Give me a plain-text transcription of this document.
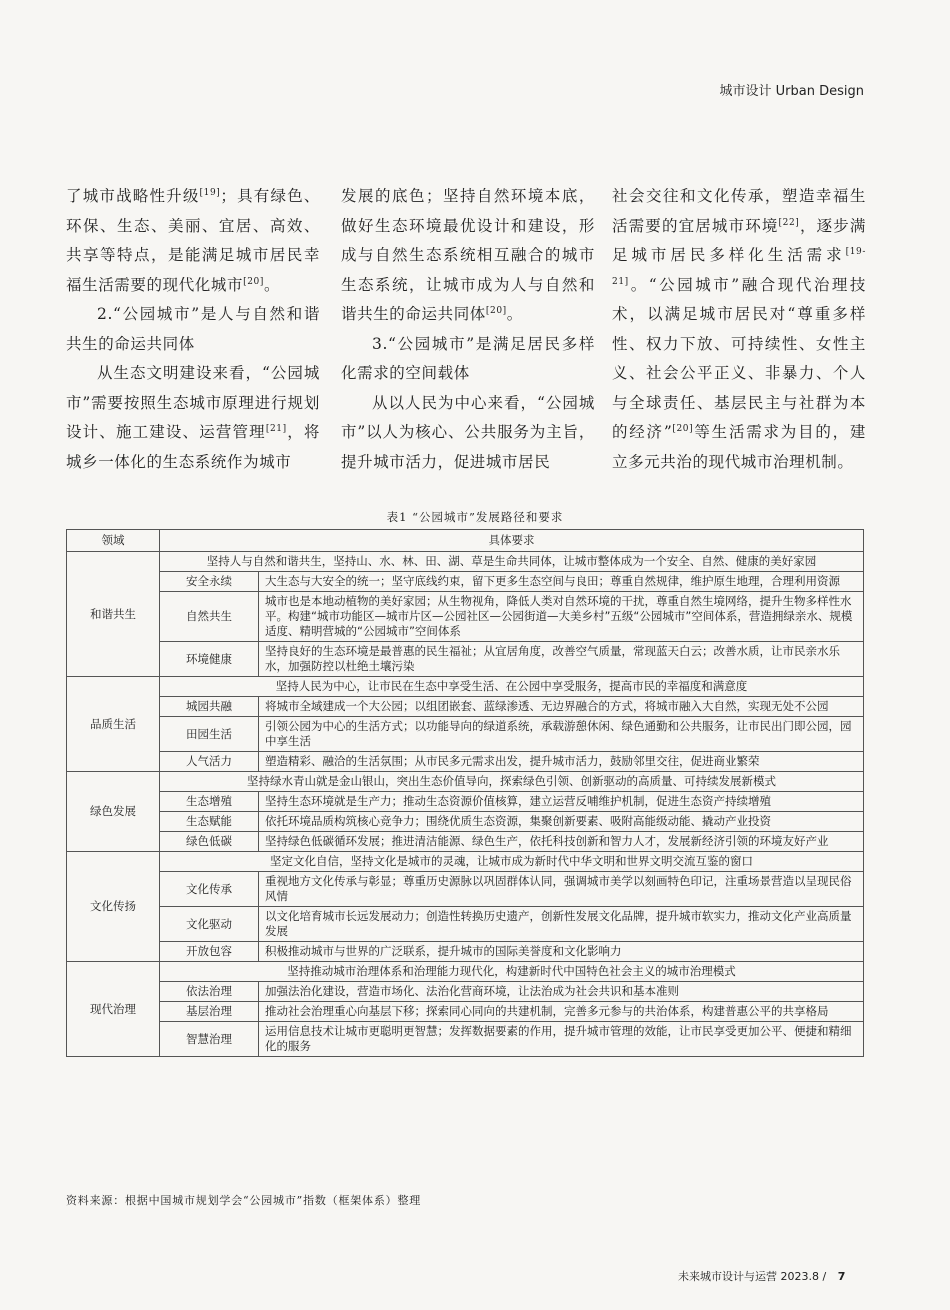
城市设计 Urban Design

了城市战略性升级[19]；具有绿色、环保、生态、美丽、宜居、高效、共享等特点，是能满足城市居民幸福生活需要的现代化城市[20]。

2.“公园城市”是人与自然和谐共生的命运共同体

从生态文明建设来看，“公园城市”需要按照生态城市原理进行规划设计、施工建设、运营管理[21]，将城乡一体化的生态系统作为城市

发展的底色；坚持自然环境本底，做好生态环境最优设计和建设，形成与自然生态系统相互融合的城市生态系统，让城市成为人与自然和谐共生的命运共同体[20]。

3.“公园城市”是满足居民多样化需求的空间载体

从以人民为中心来看，“公园城市”以人为核心、公共服务为主旨，提升城市活力，促进城市居民

社会交往和文化传承，塑造幸福生活需要的宜居城市环境[22]，逐步满足城市居民多样化生活需求[19-21]。“公园城市”融合现代治理技术，以满足城市居民对“尊重多样性、权力下放、可持续性、女性主义、社会公平正义、非暴力、个人与全球责任、基层民主与社群为本的经济”[20]等生活需求为目的，建立多元共治的现代城市治理机制。

表1 “公园城市”发展路径和要求
领域	具体要求	
和谐共生	坚持人与自然和谐共生，坚持山、水、林、田、湖、草是生命共同体，让城市整体成为一个安全、自然、健康的美好家园	
	安全永续	大生态与大安全的统一；坚守底线约束，留下更多生态空间与良田；尊重自然规律，维护原生地理，合理利用资源
	自然共生	城市也是本地动植物的美好家园；从生物视角，降低人类对自然环境的干扰，尊重自然生境网络，提升生物多样性水平。构建“城市功能区—城市片区—公园社区—公园街道—大美乡村”五级“公园城市”空间体系，营造拥绿亲水、规模适度、精明营城的“公园城市”空间体系
	环境健康	坚持良好的生态环境是最普惠的民生福祉；从宜居角度，改善空气质量，常现蓝天白云；改善水质，让市民亲水乐水，加强防控以杜绝土壤污染
品质生活	坚持人民为中心，让市民在生态中享受生活、在公园中享受服务，提高市民的幸福度和满意度	
	城园共融	将城市全域建成一个大公园；以组团嵌套、蓝绿渗透、无边界融合的方式，将城市融入大自然，实现无处不公园
	田园生活	引领公园为中心的生活方式；以功能导向的绿道系统，承载游憩休闲、绿色通勤和公共服务，让市民出门即公园，园中享生活
	人气活力	塑造精彩、融洽的生活氛围；从市民多元需求出发，提升城市活力，鼓励邻里交往，促进商业繁荣
绿色发展	坚持绿水青山就是金山银山，突出生态价值导向，探索绿色引领、创新驱动的高质量、可持续发展新模式	
	生态增殖	坚持生态环境就是生产力；推动生态资源价值核算，建立运营反哺维护机制，促进生态资产持续增殖
	生态赋能	依托环境品质构筑核心竞争力；围绕优质生态资源，集聚创新要素、吸附高能级动能、撬动产业投资
	绿色低碳	坚持绿色低碳循环发展；推进清洁能源、绿色生产，依托科技创新和智力人才，发展新经济引领的环境友好产业
文化传扬	坚定文化自信，坚持文化是城市的灵魂，让城市成为新时代中华文明和世界文明交流互鉴的窗口	
	文化传承	重视地方文化传承与彰显；尊重历史源脉以巩固群体认同，强调城市美学以刻画特色印记，注重场景营造以呈现民俗风情
	文化驱动	以文化培育城市长远发展动力；创造性转换历史遗产，创新性发展文化品牌，提升城市软实力，推动文化产业高质量发展
	开放包容	积极推动城市与世界的广泛联系，提升城市的国际美誉度和文化影响力
现代治理	坚持推动城市治理体系和治理能力现代化，构建新时代中国特色社会主义的城市治理模式	
	依法治理	加强法治化建设，营造市场化、法治化营商环境，让法治成为社会共识和基本准则
	基层治理	推动社会治理重心向基层下移；探索同心同向的共建机制，完善多元参与的共治体系，构建普惠公平的共享格局
	智慧治理	运用信息技术让城市更聪明更智慧；发挥数据要素的作用，提升城市管理的效能，让市民享受更加公平、便捷和精细化的服务
资料来源：根据中国城市规划学会“公园城市”指数（框架体系）整理
未来城市设计与运营 2023.8 / 7
